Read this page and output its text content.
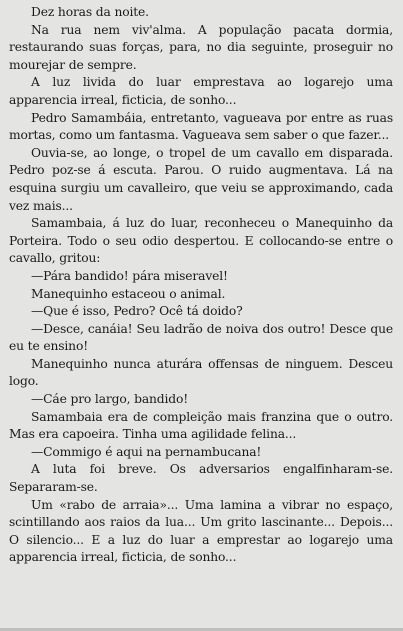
Dez horas da noite.

Na rua nem viv'alma. A população pacata dormia, restaurando suas forças, para, no dia seguinte, proseguir no mourejar de sempre.

A luz livida do luar emprestava ao logarejo uma apparencia irreal, ficticia, de sonho...

Pedro Samambáia, entretanto, vagueava por entre as ruas mortas, como um fantasma. Vagueava sem saber o que fazer...

Ouvia-se, ao longe, o tropel de um cavallo em disparada. Pedro poz-se á escuta. Parou. O ruido augmentava. Lá na esquina surgiu um cavalleiro, que veiu se approximando, cada vez mais...

Samambaia, á luz do luar, reconheceu o Manequinho da Porteira. Todo o seu odio despertou. E collocando-se entre o cavallo, gritou:

—Pára bandido! pára miseravel!

Manequinho estaceou o animal.

—Que é isso, Pedro? Ocê tá doido?

—Desce, canáia! Seu ladrão de noiva dos outro! Desce que eu te ensino!

Manequinho nunca aturára offensas de ninguem. Desceu logo.

—Cáe pro largo, bandido!

Samambaia era de compleição mais franzina que o outro. Mas era capoeira. Tinha uma agilidade felina...

—Commigo é aqui na pernambucana!

A luta foi breve. Os adversarios engalfinharam-se. Separaram-se.

Um «rabo de arraia»... Uma lamina a vibrar no espaço, scintillando aos raios da lua... Um grito lascinante... Depois... O silencio... E a luz do luar a emprestar ao logarejo uma apparencia irreal, ficticia, de sonho...
